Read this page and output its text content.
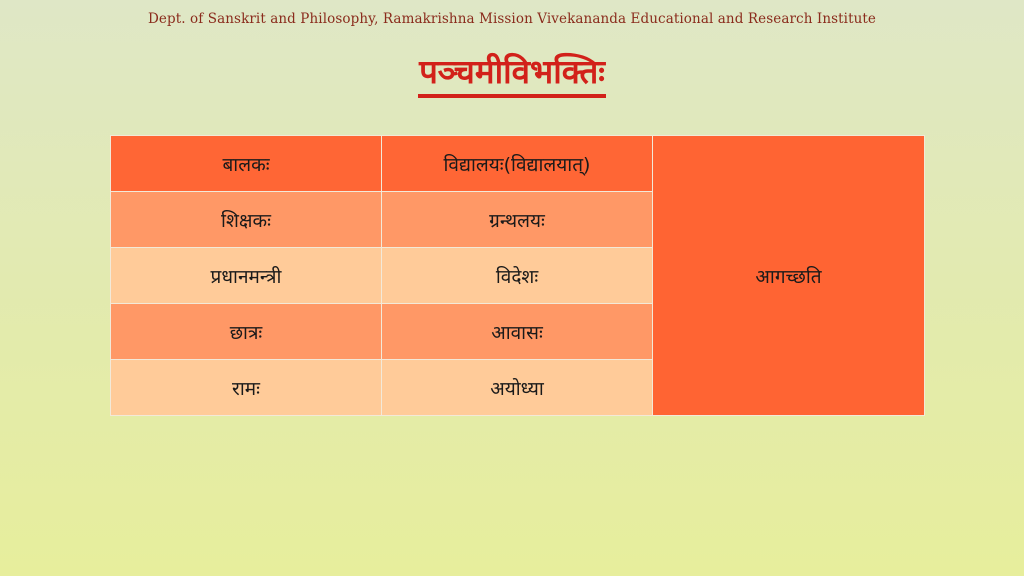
Dept. of Sanskrit and Philosophy, Ramakrishna Mission Vivekananda Educational and Research Institute
पञ्चमीविभक्तिः
बालकः	विद्यालयः(विद्यालयात्)	आगच्छति
शिक्षकः	ग्रन्थलयः	
प्रधानमन्त्री	विदेशः	
छात्रः	आवासः	
रामः	अयोध्या	
